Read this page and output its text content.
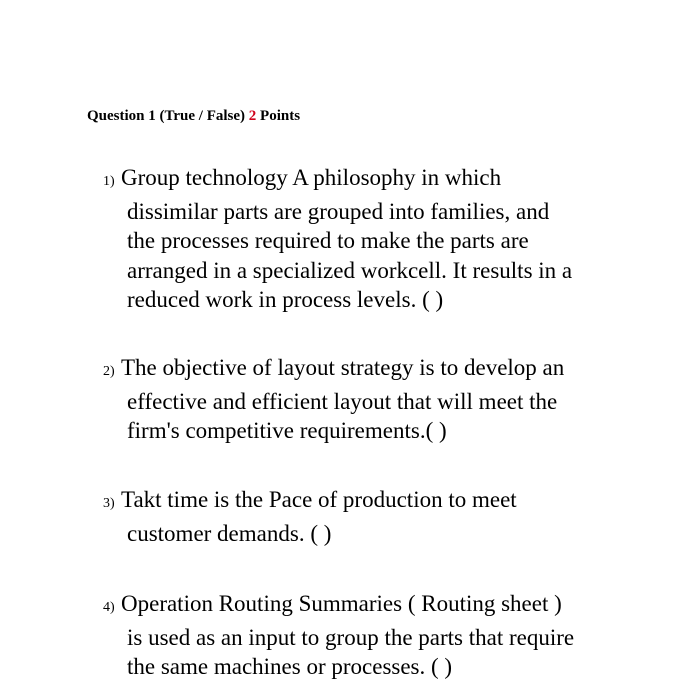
Question 1 (True / False) 2 Points
1) Group technology A philosophy in which
dissimilar parts are grouped into families, and
the processes required to make the parts are
arranged in a specialized workcell. It results in a
reduced work in process levels. ( )
2) The objective of layout strategy is to develop an
effective and efficient layout that will meet the
firm's competitive requirements.( )
3) Takt time is the Pace of production to meet
customer demands. ( )
4) Operation Routing Summaries ( Routing sheet )
is used as an input to group the parts that require
the same machines or processes. ( )
